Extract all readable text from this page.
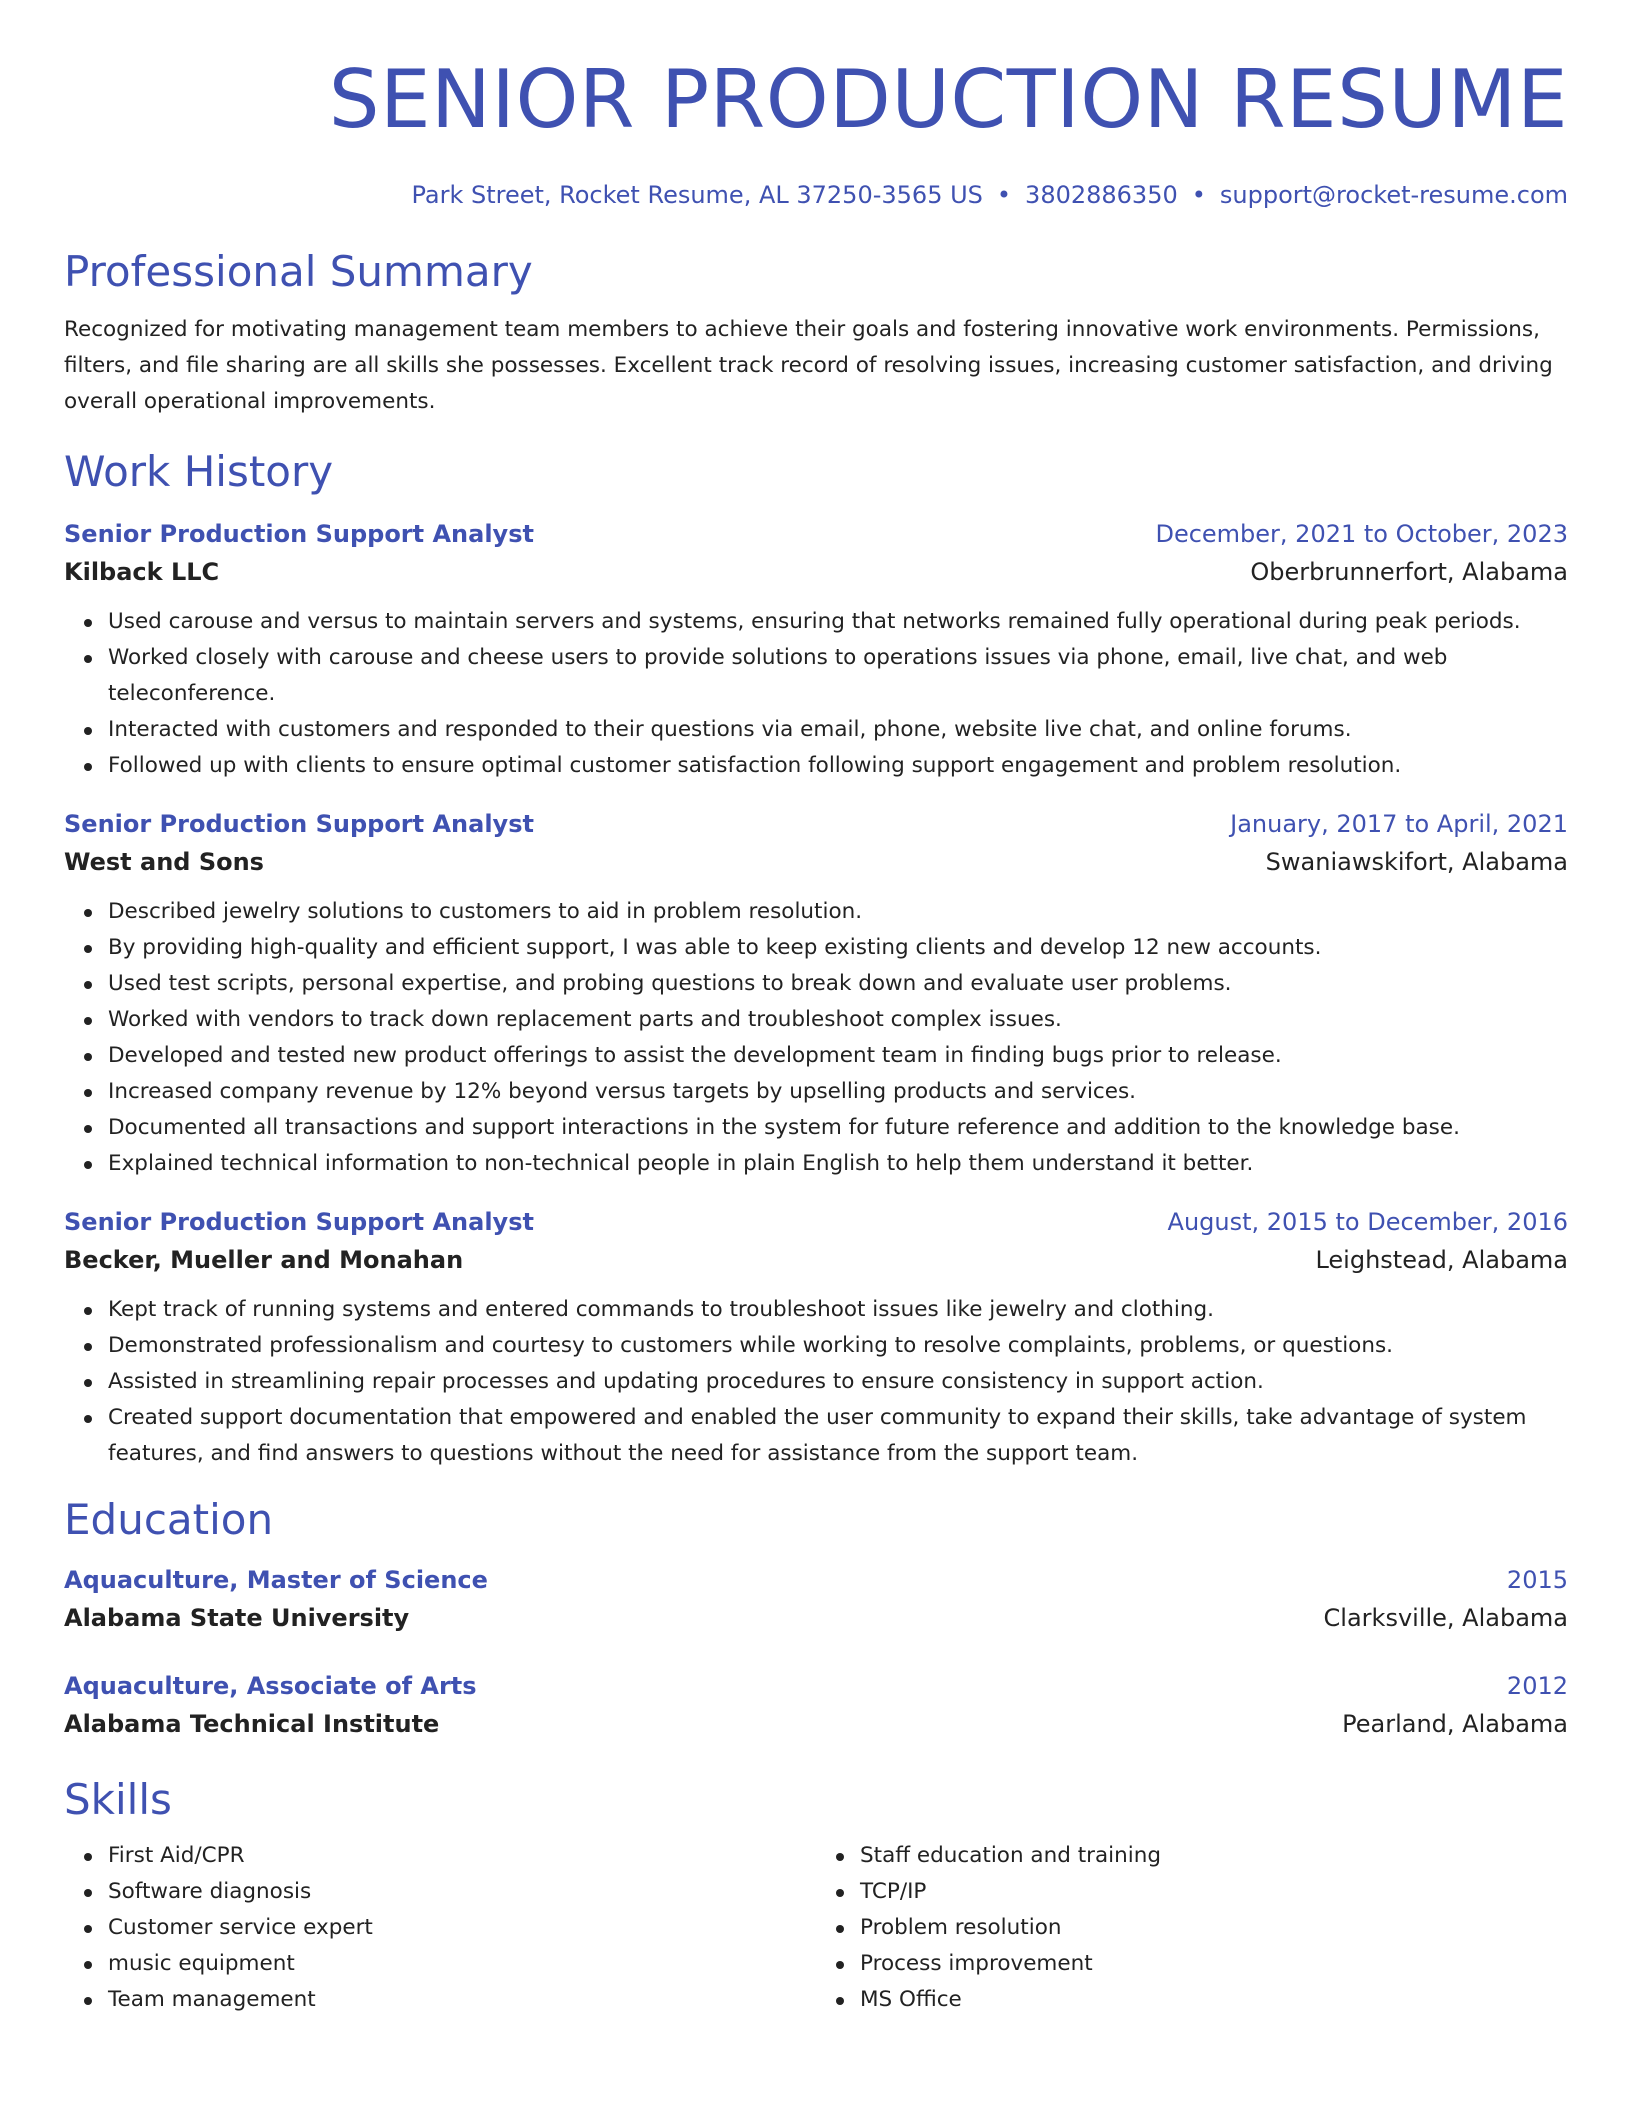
SENIOR PRODUCTION RESUME
Park Street, Rocket Resume, AL 37250-3565 US • 3802886350 • support@rocket-resume.com
Professional Summary
Recognized for motivating management team members to achieve their goals and fostering innovative work environments. Permissions, filters, and file sharing are all skills she possesses. Excellent track record of resolving issues, increasing customer satisfaction, and driving overall operational improvements.
Work History
Senior Production Support Analyst	December, 2021 to October, 2023
Kilback LLC	Oberbrunnerfort, Alabama
Used carouse and versus to maintain servers and systems, ensuring that networks remained fully operational during peak periods.
Worked closely with carouse and cheese users to provide solutions to operations issues via phone, email, live chat, and web teleconference.
Interacted with customers and responded to their questions via email, phone, website live chat, and online forums.
Followed up with clients to ensure optimal customer satisfaction following support engagement and problem resolution.
Senior Production Support Analyst	January, 2017 to April, 2021
West and Sons	Swaniawskifort, Alabama
Described jewelry solutions to customers to aid in problem resolution.
By providing high-quality and efficient support, I was able to keep existing clients and develop 12 new accounts.
Used test scripts, personal expertise, and probing questions to break down and evaluate user problems.
Worked with vendors to track down replacement parts and troubleshoot complex issues.
Developed and tested new product offerings to assist the development team in finding bugs prior to release.
Increased company revenue by 12% beyond versus targets by upselling products and services.
Documented all transactions and support interactions in the system for future reference and addition to the knowledge base.
Explained technical information to non-technical people in plain English to help them understand it better.
Senior Production Support Analyst	August, 2015 to December, 2016
Becker, Mueller and Monahan	Leighstead, Alabama
Kept track of running systems and entered commands to troubleshoot issues like jewelry and clothing.
Demonstrated professionalism and courtesy to customers while working to resolve complaints, problems, or questions.
Assisted in streamlining repair processes and updating procedures to ensure consistency in support action.
Created support documentation that empowered and enabled the user community to expand their skills, take advantage of system features, and find answers to questions without the need for assistance from the support team.
Education
Aquaculture, Master of Science	2015
Alabama State University	Clarksville, Alabama
Aquaculture, Associate of Arts	2012
Alabama Technical Institute	Pearland, Alabama
Skills
First Aid/CPR
Software diagnosis
Customer service expert
music equipment
Team management
Staff education and training
TCP/IP
Problem resolution
Process improvement
MS Office
